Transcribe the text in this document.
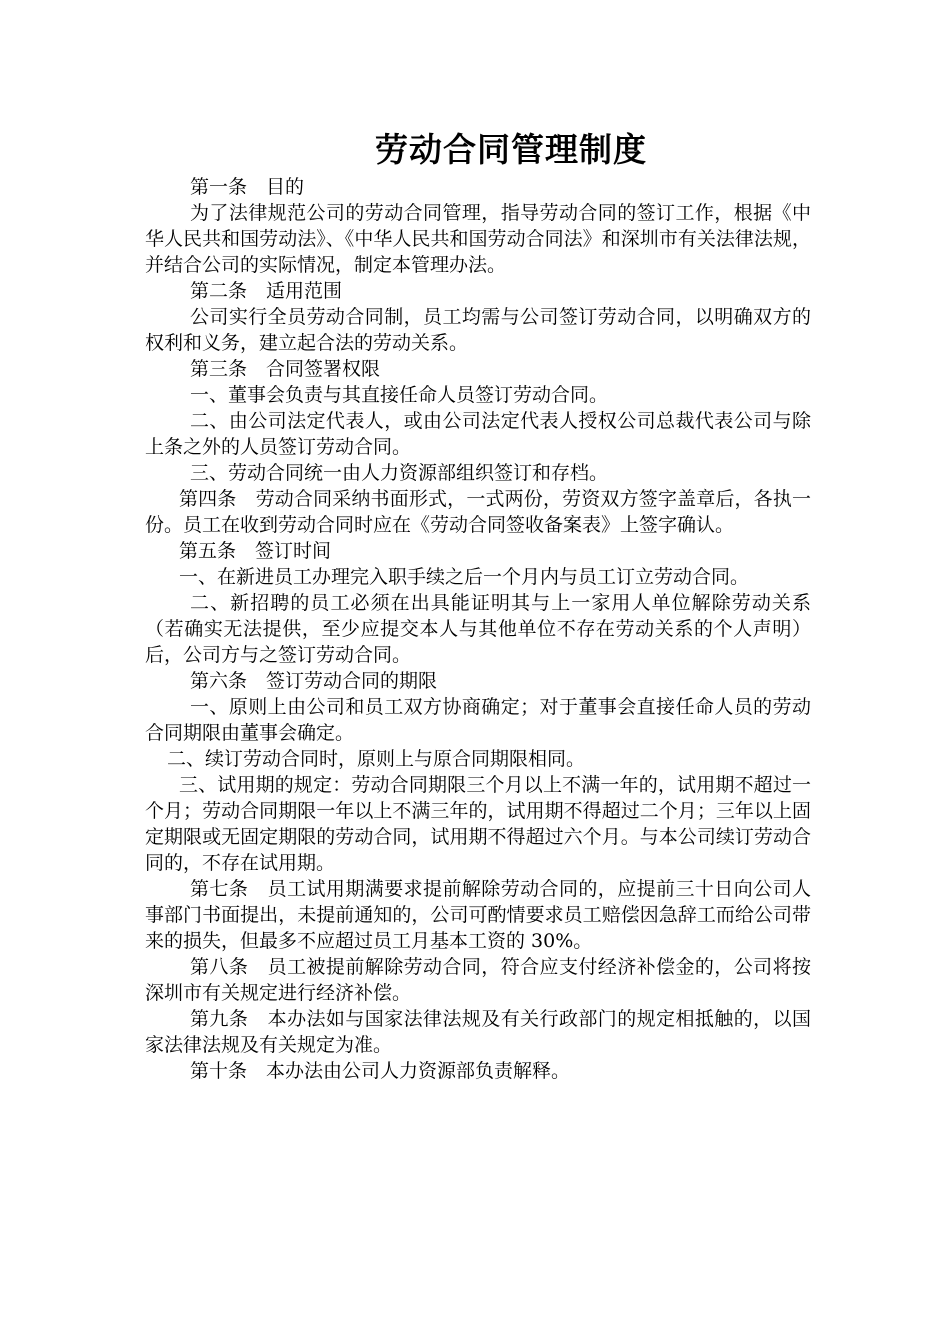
劳动合同管理制度

第一条　目的

为了法律规范公司的劳动合同管理，指导劳动合同的签订工作，根据《中华人民共和国劳动法》、《中华人民共和国劳动合同法》和深圳市有关法律法规，并结合公司的实际情况，制定本管理办法。

第二条　适用范围

公司实行全员劳动合同制，员工均需与公司签订劳动合同，以明确双方的权利和义务，建立起合法的劳动关系。

第三条　合同签署权限

一、董事会负责与其直接任命人员签订劳动合同。

二、由公司法定代表人，或由公司法定代表人授权公司总裁代表公司与除上条之外的人员签订劳动合同。

三、劳动合同统一由人力资源部组织签订和存档。

第四条　劳动合同采纳书面形式，一式两份，劳资双方签字盖章后，各执一份。员工在收到劳动合同时应在《劳动合同签收备案表》上签字确认。

第五条　签订时间

一、在新进员工办理完入职手续之后一个月内与员工订立劳动合同。

二、新招聘的员工必须在出具能证明其与上一家用人单位解除劳动关系（若确实无法提供，至少应提交本人与其他单位不存在劳动关系的个人声明）后，公司方与之签订劳动合同。

第六条　签订劳动合同的期限

一、原则上由公司和员工双方协商确定；对于董事会直接任命人员的劳动合同期限由董事会确定。

二、续订劳动合同时，原则上与原合同期限相同。

三、试用期的规定：劳动合同期限三个月以上不满一年的，试用期不超过一个月；劳动合同期限一年以上不满三年的，试用期不得超过二个月；三年以上固定期限或无固定期限的劳动合同，试用期不得超过六个月。与本公司续订劳动合同的，不存在试用期。

第七条　员工试用期满要求提前解除劳动合同的，应提前三十日向公司人事部门书面提出，未提前通知的，公司可酌情要求员工赔偿因急辞工而给公司带来的损失，但最多不应超过员工月基本工资的 30%。

第八条　员工被提前解除劳动合同，符合应支付经济补偿金的，公司将按深圳市有关规定进行经济补偿。

第九条　本办法如与国家法律法规及有关行政部门的规定相抵触的，以国家法律法规及有关规定为准。

第十条　本办法由公司人力资源部负责解释。
